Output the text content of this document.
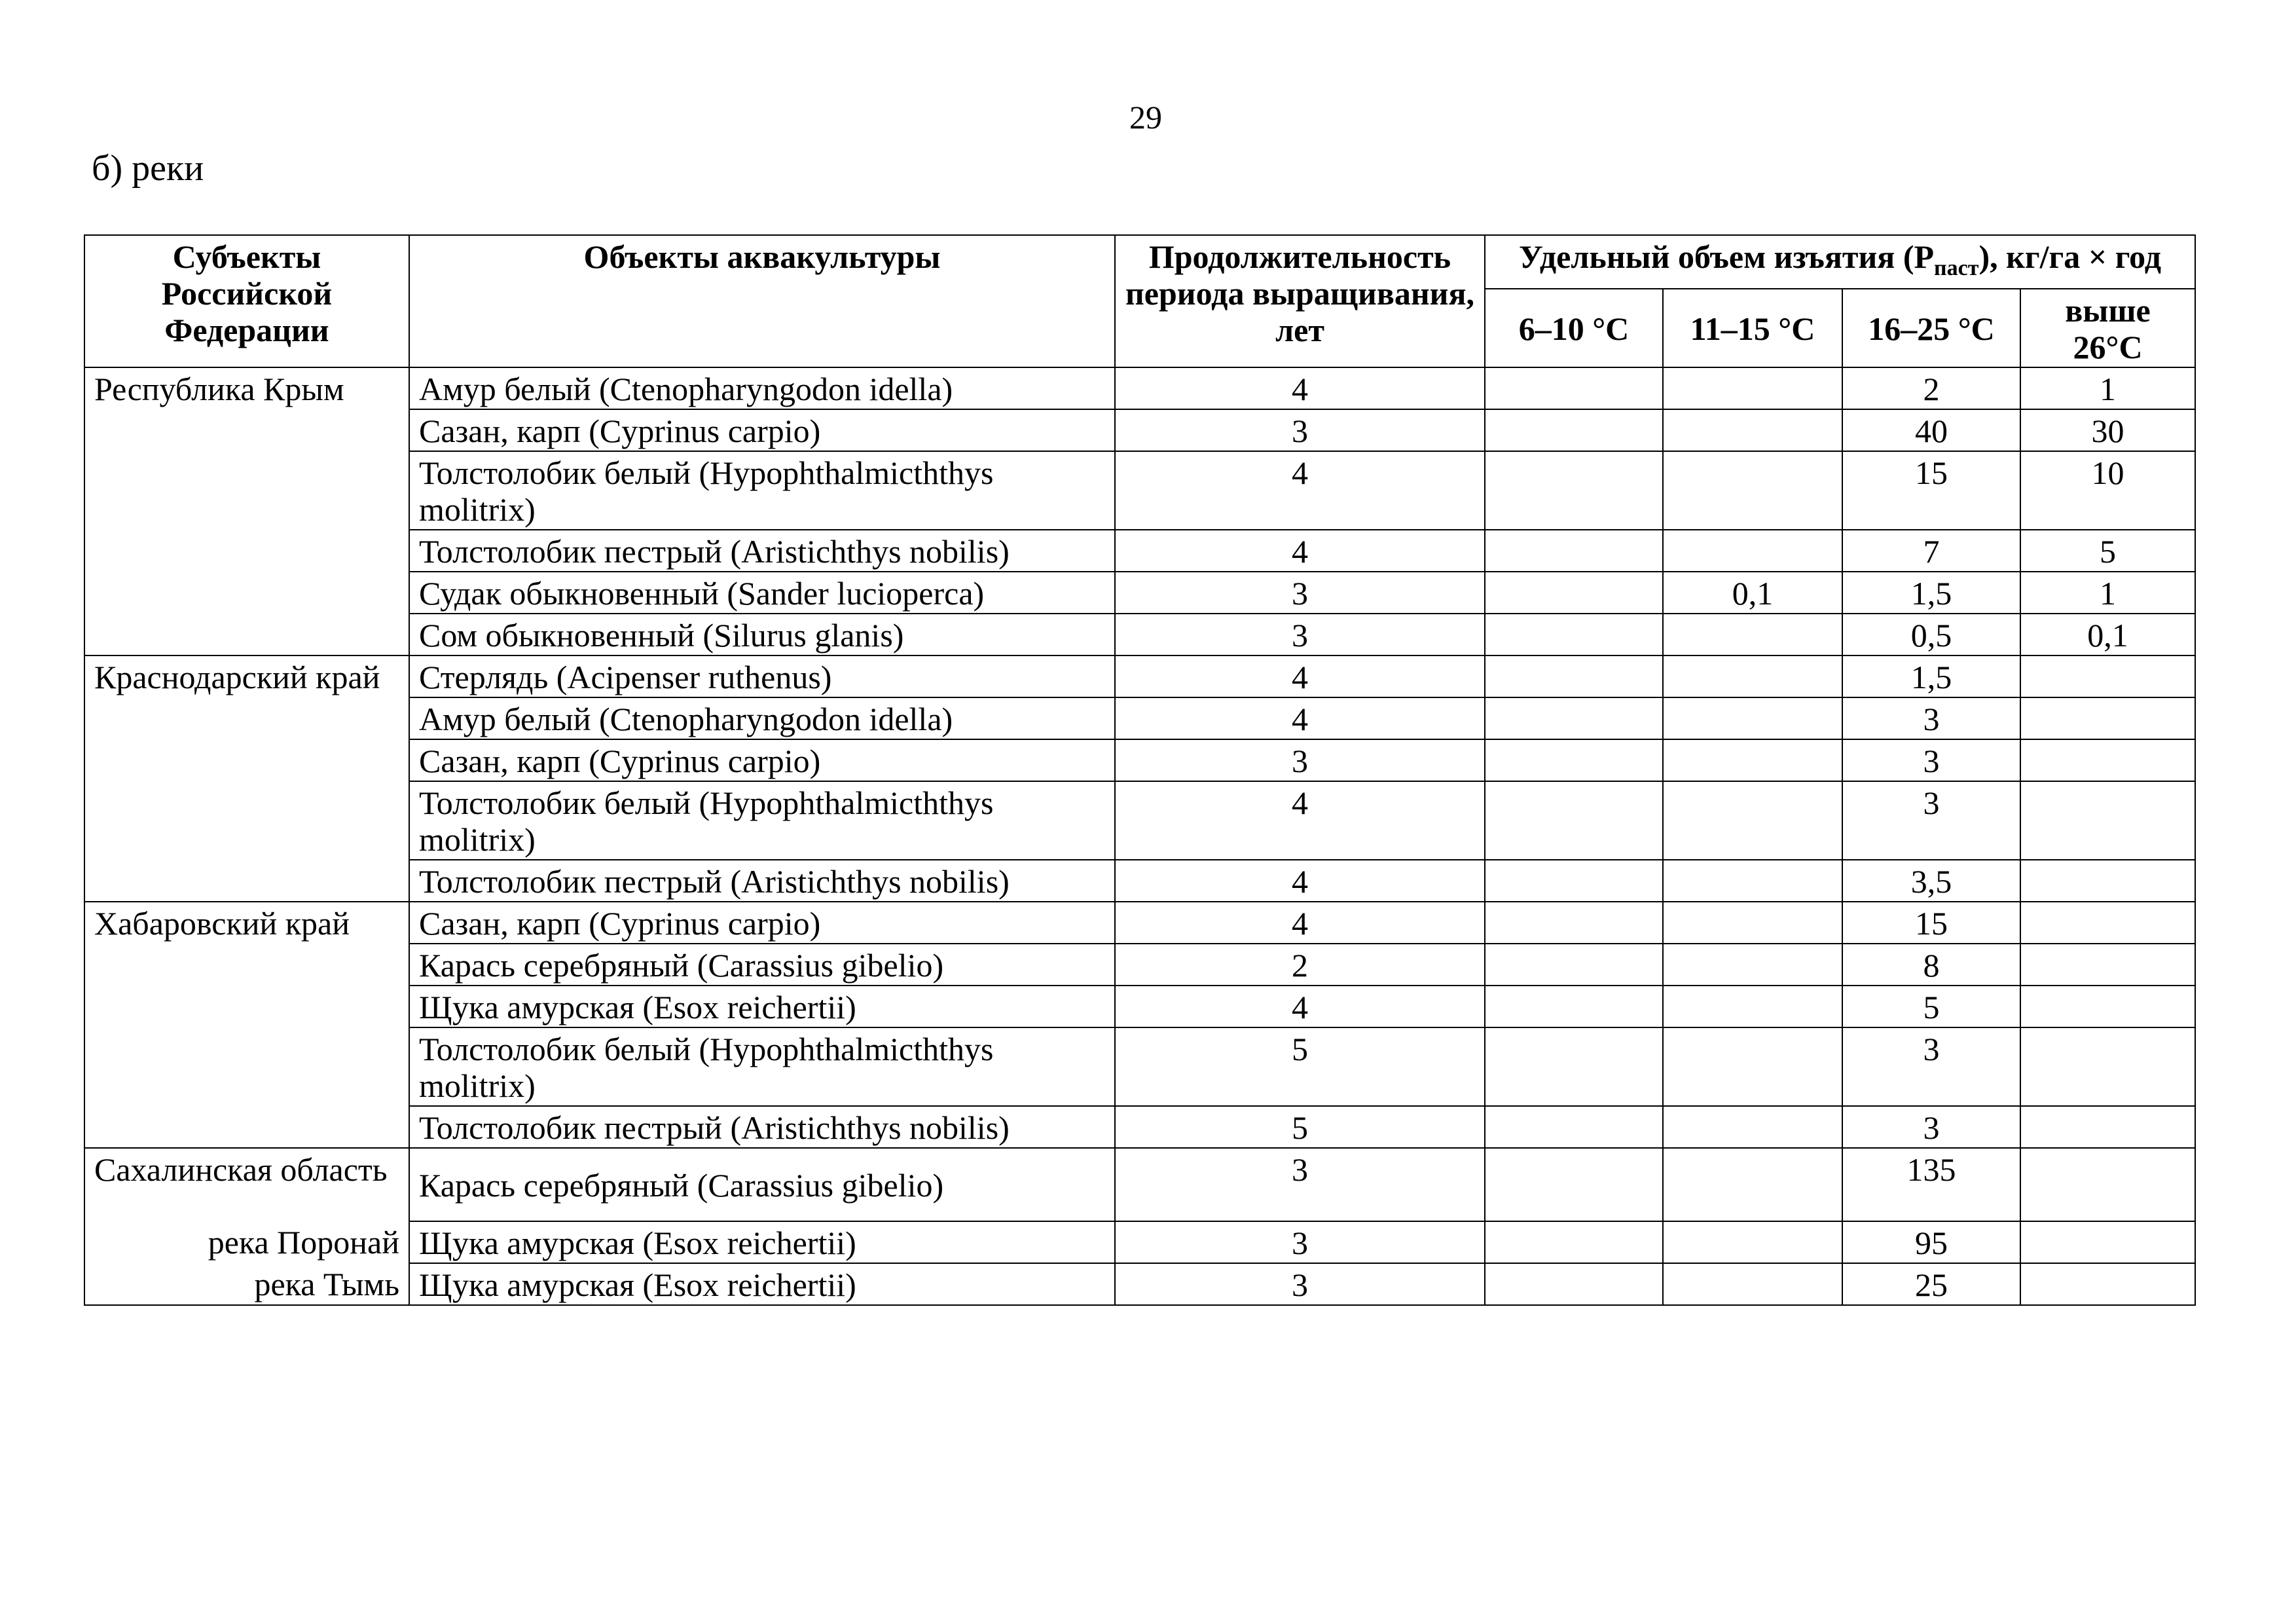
29
б) реки
Субъекты Российской Федерации	Объекты аквакультуры	Продолжительность периода выращивания, лет	Удельный объем изъятия $(P_{паст})$, кг/га × год			
			6–10 °C	11–15 °C	16–25 °C	выше 26°C
Республика Крым	Амур белый (Ctenopharyngodon idella)	4			2	1
	Сазан, карп (Cyprinus carpio)	3			40	30
	Толстолобик белый (Hypophthalmicththys molitrix)	4			15	10
	Толстолобик пестрый (Aristichthys nobilis)	4			7	5
	Судак обыкновенный (Sander lucioperca)	3		0,1	1,5	1
	Сом обыкновенный (Silurus glanis)	3			0,5	0,1
Краснодарский край	Стерлядь (Acipenser ruthenus)	4			1,5	
	Амур белый (Ctenopharyngodon idella)	4			3	
	Сазан, карп (Cyprinus carpio)	3			3	
	Толстолобик белый (Hypophthalmicththys molitrix)	4			3	
	Толстолобик пестрый (Aristichthys nobilis)	4			3,5	
Хабаровский край	Сазан, карп (Cyprinus carpio)	4			15	
	Карась серебряный (Carassius gibelio)	2			8	
	Щука амурская (Esox reichertii)	4			5	
	Толстолобик белый (Hypophthalmicththys molitrix)	5			3	
	Толстолобик пестрый (Aristichthys nobilis)	5			3	
Сахалинская область	Карась серебряный (Carassius gibelio)	3			135	

река Поронай	Щука амурская (Esox reichertii)	3			95	

река Тымь	Щука амурская (Esox reichertii)	3			25	
